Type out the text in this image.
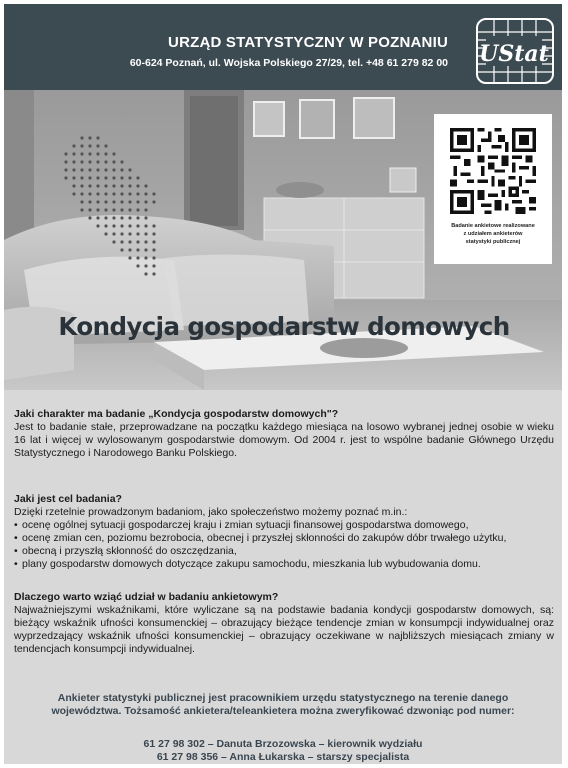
URZĄD STATYSTYCZNY W POZNANIU
60-624 Poznań, ul. Wojska Polskiego 27/29, tel. +48 61 279 82 00 UStat
Badanie ankietowe realizowane
z udziałem ankieterów
statystyki publicznej
Kondycja gospodarstw domowych

Jaki charakter ma badanie „Kondycja gospodarstw domowych"?

Jest to badanie stałe, przeprowadzane na początku każdego miesiąca na losowo wybranej jednej osobie w wieku 16 lat i więcej w wylosowanym gospodarstwie domowym. Od 2004 r. jest to wspólne badanie Głównego Urzędu Statystycznego i Narodowego Banku Polskiego.

Jaki jest cel badania?

Dzięki rzetelnie prowadzonym badaniom, jako społeczeństwo możemy poznać m.in.:

• ocenę ogólnej sytuacji gospodarczej kraju i zmian sytuacji finansowej gospodarstwa domowego,
• ocenę zmian cen, poziomu bezrobocia, obecnej i przyszłej skłonności do zakupów dóbr trwałego użytku,
• obecną i przyszłą skłonność do oszczędzania,
• plany gospodarstw domowych dotyczące zakupu samochodu, mieszkania lub wybudowania domu.

Dlaczego warto wziąć udział w badaniu ankietowym?

Najważniejszymi wskaźnikami, które wyliczane są na podstawie badania kondycji gospodarstw domowych, są: bieżący wskaźnik ufności konsumenckiej – obrazujący bieżące tendencje zmian w konsumpcji indywidualnej oraz wyprzedzający wskaźnik ufności konsumenckiej – obrazujący oczekiwane w najbliższych miesiącach zmiany w tendencjach konsumpcji indywidualnej.

Ankieter statystyki publicznej jest pracownikiem urzędu statystycznego na terenie danego
województwa. Tożsamość ankietera/teleankietera można zweryfikować dzwoniąc pod numer:
61 27 98 302 – Danuta Brzozowska – kierownik wydziału
61 27 98 356 – Anna Łukarska – starszy specjalista
